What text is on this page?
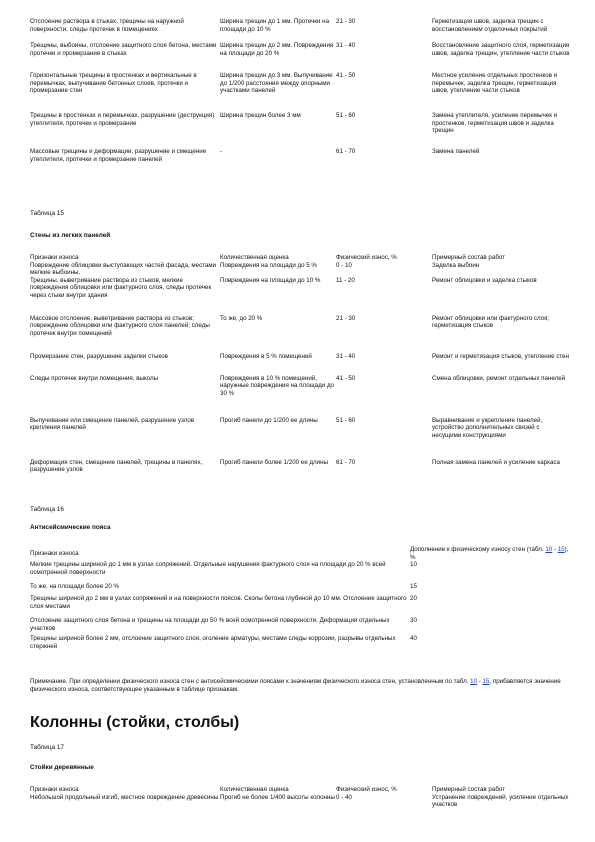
Отслоение раствора в стыках, трещины на наружной поверхности, следы протечек в помещениях	Ширина трещин до 1 мм. Протечки на площади до 10 %	21 - 30	Герметизация швов, заделка трещин с восстановлением отделочных покрытий
Трещины, выбоины, отслоение защитного слоя бетона, местами протечки и промерзание в стыках	Ширина трещин до 2 мм. Повреждения на площади до 20 %	31 - 40	Восстановление защитного слоя, герметизация швов, заделка трещин, утепление части стыков
Горизонтальные трещины в простенках и вертикальные в перемычках, выпучивание бетонных слоев, протечки и промерзание стен	Ширина трещин до 3 мм. Выпучивание до 1/200 расстояния между опорными участками панелей	41 - 50	Местное усиление отдельных простенков и перемычек, заделка трещин, герметизация швов, утепление части стыков
Трещины в простенках и перемычках, разрушение (деструкция) утеплителя, протечки и промерзание	Ширина трещин более 3 мм	51 - 60	Замена утеплителя, усиление перемычек и простенков, герметизация швов и заделка трещин
Массовые трещины и деформации, разрушение и смещение утеплителя, протечки и промерзание панелей	-	61 - 70	Замена панелей

Таблица 15

Стены из легких панелей

Признаки износа	Количественная оценка	Физический износ, %	Примерный состав работ
Повреждение облицовки выступающих частей фасада, местами мелкие выбоины,	Повреждения на площади до 5 %	0 - 10	Заделка выбоин
Трещины, выветривание раствора из стыков, мелкие повреждения облицовки или фактурного слоя, следы протечек через стыки внутри здания	Повреждения на площади до 10 %	11 - 20	Ремонт облицовки и заделка стыков
Массовое отслоение, выветривание раствора из стыков; повреждение облицовки или фактурного слоя панелей; следы протечек внутри помещений	То же, до 20 %	21 - 30	Ремонт облицовки или фактурного слоя; герметизация стыков
Промерзание стен, разрушение заделки стыков	Повреждения в 5 % помещений	31 - 40	Ремонт и герметизация стыков, утепление стен
Следы протечек внутри помещения, выколы	Повреждения в 10 % помещений, наружные повреждения на площади до 30 %	41 - 50	Смена облицовки, ремонт отдельных панелей
Выпучивание или смещение панелей, разрушение узлов крепления панелей	Прогиб панели до 1/200 ее длины	51 - 60	Выравнивание и укрепление панелей, устройство дополнительных связей с несущими конструкциями
Деформация стен, смещение панелей, трещины в панелях, разрушение узлов	Прогиб панели более 1/200 ее длины	61 - 70	Полная замена панелей и усиление каркаса

Таблица 16

Антисейсмические пояса

Признаки износа	Дополнение к физическому износу стен (табл. 10 - 15), %
Мелкие трещины шириной до 1 мм в узлах сопряжений. Отдельные нарушения фактурного слоя на площади до 20 % всей осмотренной поверхности	10
То же, на площади более 20 %	15
Трещины шириной до 2 мм в узлах сопряжений и на поверхности поясов. Сколы бетона глубиной до 10 мм. Отслоение защитного слоя местами	20
Отслоение защитного слоя бетона и трещины на площади до 50 % всей осмотренной поверхности. Деформация отдельных участков	30
Трещины шириной более 2 мм, отслоение защитного слоя, оголение арматуры, местами следы коррозии, разрывы отдельных стержней	40

Примечание. При определении физического износа стен с антисейсмическими поясами к значениям физического износа стен, установленным по табл. 10 - 15, прибавляется значение физического износа, соответствующее указанным в таблице признакам.

Колонны (стойки, столбы)

Таблица 17

Стойки деревянные

Признаки износа	Количественная оценка	Физический износ, %	Примерный состав работ
Небольшой продольный изгиб, местное повреждение древесины	Прогиб не более 1/400 высоты колонны	0 - 40	Устранение повреждений, усиление отдельных участков
